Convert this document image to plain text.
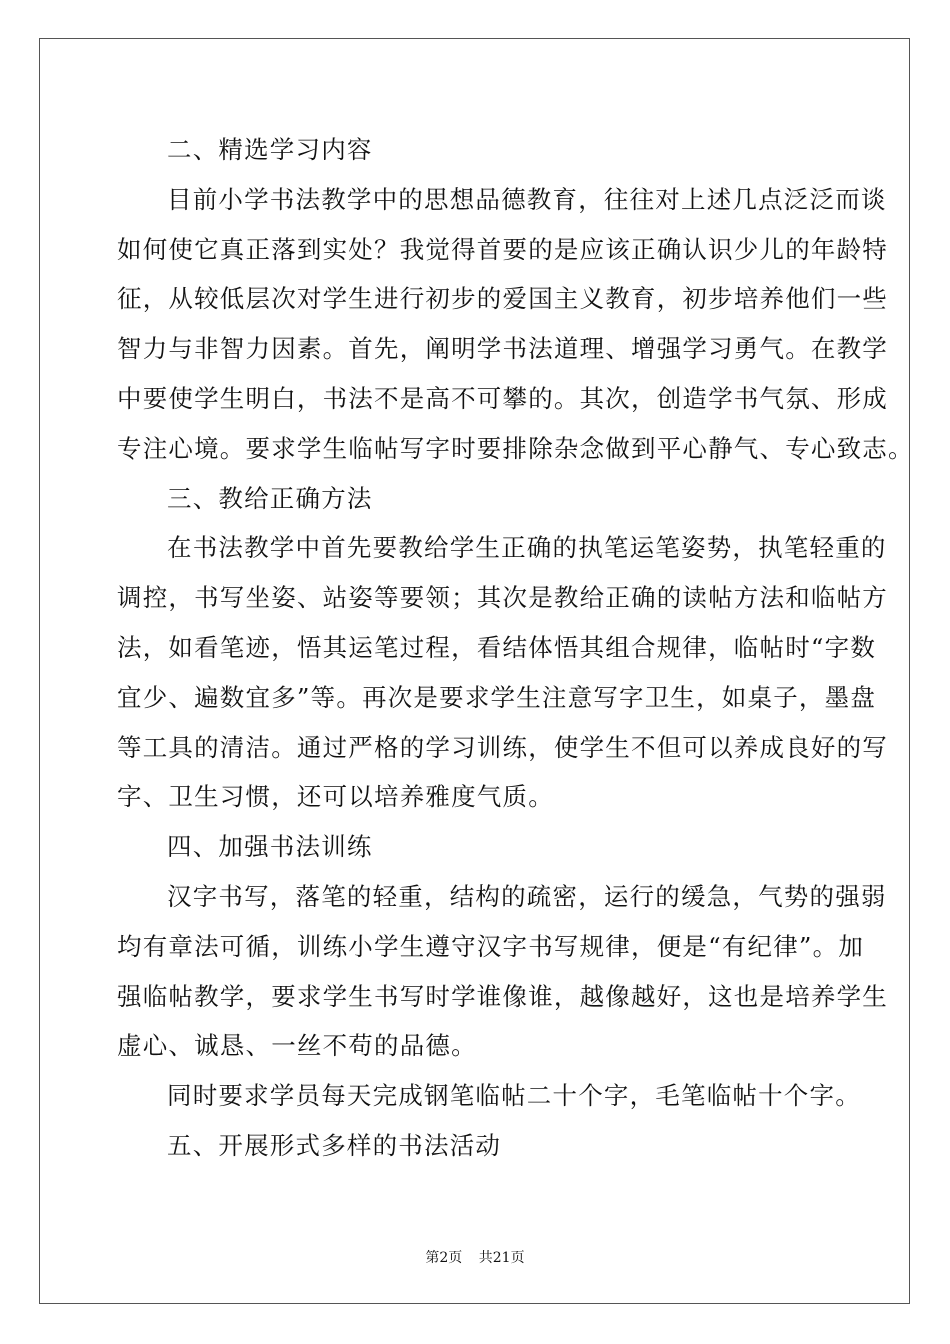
二、精选学习内容
目前小学书法教学中的思想品德教育，往往对上述几点泛泛而谈
如何使它真正落到实处？我觉得首要的是应该正确认识少儿的年龄特
征，从较低层次对学生进行初步的爱国主义教育，初步培养他们一些
智力与非智力因素。首先，阐明学书法道理、增强学习勇气。在教学
中要使学生明白，书法不是高不可攀的。其次，创造学书气氛、形成
专注心境。要求学生临帖写字时要排除杂念做到平心静气、专心致志。
三、教给正确方法
在书法教学中首先要教给学生正确的执笔运笔姿势，执笔轻重的
调控，书写坐姿、站姿等要领；其次是教给正确的读帖方法和临帖方
法，如看笔迹，悟其运笔过程，看结体悟其组合规律，临帖时“字数
宜少、遍数宜多”等。再次是要求学生注意写字卫生，如桌子，墨盘
等工具的清洁。通过严格的学习训练，使学生不但可以养成良好的写
字、卫生习惯，还可以培养雅度气质。
四、加强书法训练
汉字书写，落笔的轻重，结构的疏密，运行的缓急，气势的强弱
均有章法可循，训练小学生遵守汉字书写规律，便是“有纪律”。加
强临帖教学，要求学生书写时学谁像谁，越像越好，这也是培养学生
虚心、诚恳、一丝不苟的品德。
同时要求学员每天完成钢笔临帖二十个字，毛笔临帖十个字。
五、开展形式多样的书法活动
第2页 共21页
